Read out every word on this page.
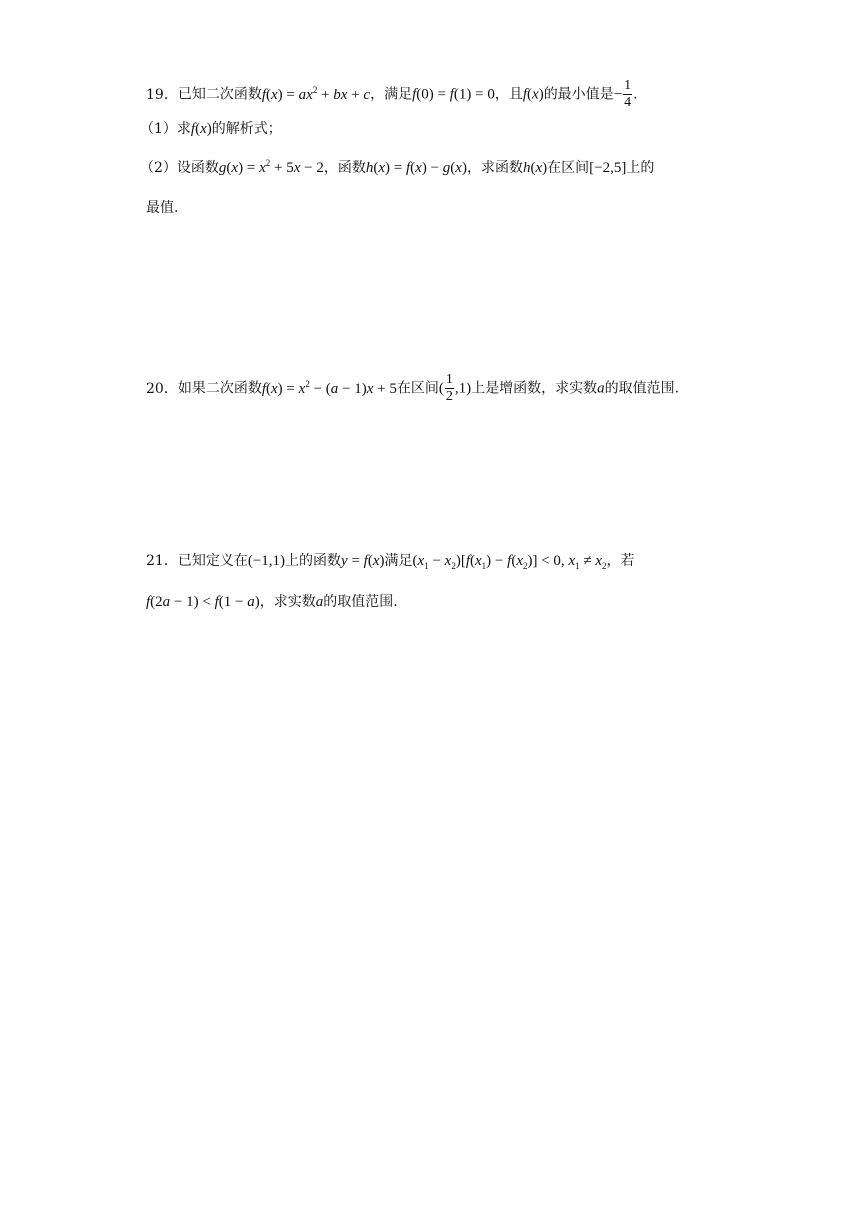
19．已知二次函数$f(x) = ax^2$ + bx + c，满足f(0) = f(1) = 0，且f(x)的最小值是− $\frac{1}{4}$ .
（1）求f(x)的解析式；
（2）设函数$g(x) = x^2 + 5x - 2$，函数h(x) = f(x) − g(x)，求函数h(x)在区间[−2,5]上的
最值.
20．如果二次函数$f(x) = x^2 - (a - 1)x + 5$在区间( $\frac{1}{2} ,1$)上是增函数，求实数a的取值范围.
21．已知定义在(−1,1)上的函数y = f(x)满足$(x_1 - x_2)[f(x_1) - f(x_2)] < 0$, $x_1 \ne x_2$，若
f(2a − 1) < f(1 − a)，求实数a的取值范围.
